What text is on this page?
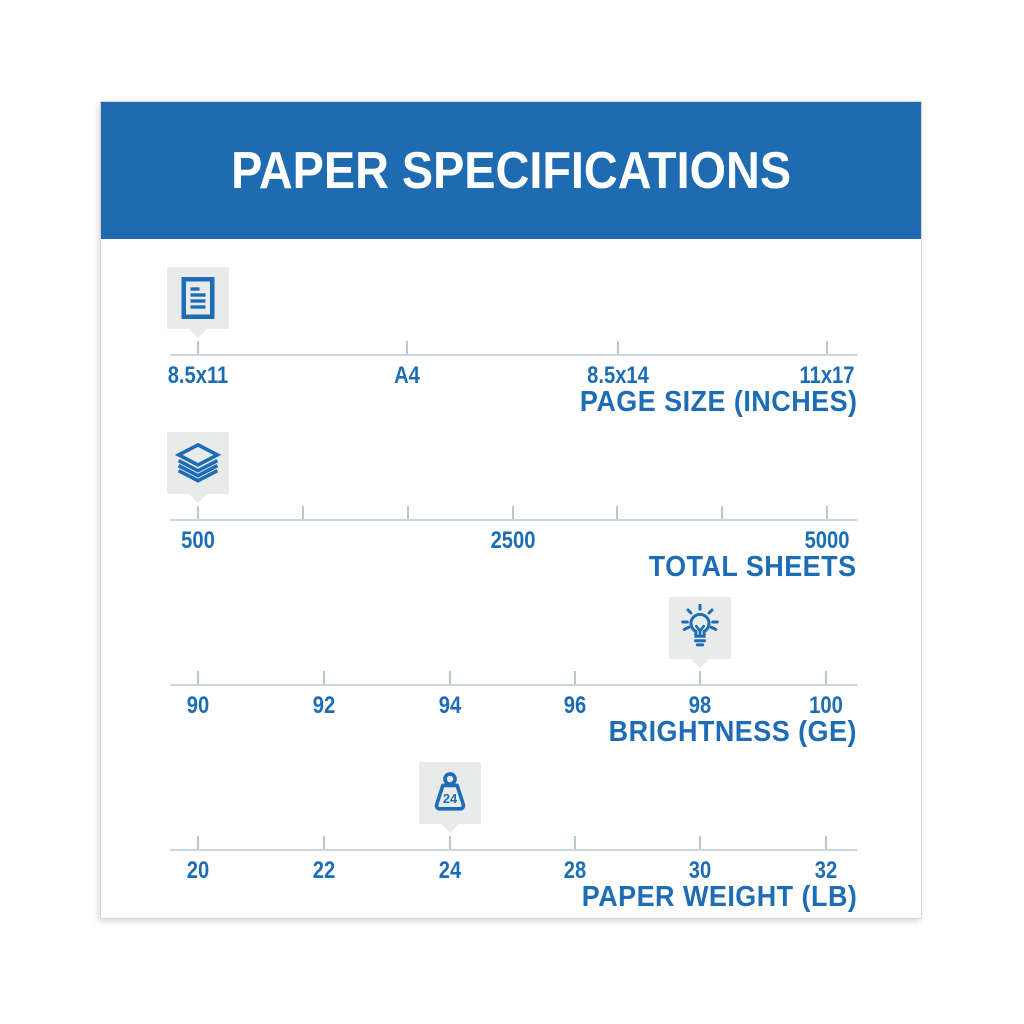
PAPER SPECIFICATIONS
8.5x11	A4	8.5x14	11x17
PAGE SIZE (INCHES)
500	2500	5000
TOTAL SHEETS
90	92	94	96	98	100
BRIGHTNESS (GE)
20	22	24	28	30	32
PAPER WEIGHT (LB)
24
